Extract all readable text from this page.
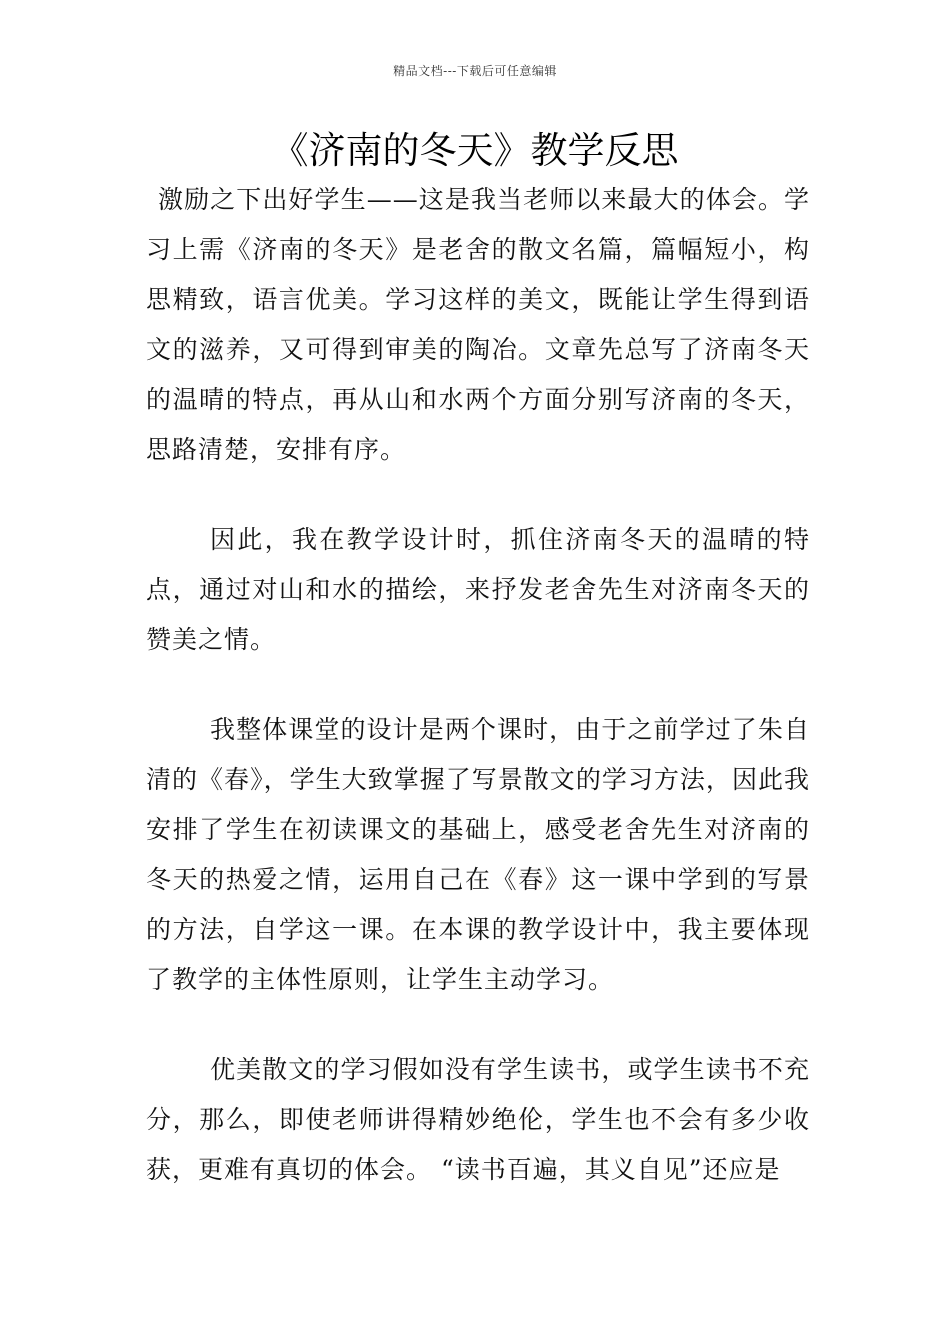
精品文档---下载后可任意编辑
《济南的冬天》教学反思

激励之下出好学生——这是我当老师以来最大的体会。学习上需《济南的冬天》是老舍的散文名篇，篇幅短小，构思精致，语言优美。学习这样的美文，既能让学生得到语文的滋养，又可得到审美的陶冶。文章先总写了济南冬天的温晴的特点，再从山和水两个方面分别写济南的冬天，思路清楚，安排有序。

因此，我在教学设计时，抓住济南冬天的温晴的特点，通过对山和水的描绘，来抒发老舍先生对济南冬天的赞美之情。

我整体课堂的设计是两个课时，由于之前学过了朱自清的《春》，学生大致掌握了写景散文的学习方法，因此我安排了学生在初读课文的基础上，感受老舍先生对济南的冬天的热爱之情，运用自己在《春》这一课中学到的写景的方法，自学这一课。在本课的教学设计中，我主要体现了教学的主体性原则，让学生主动学习。

优美散文的学习假如没有学生读书，或学生读书不充分，那么，即使老师讲得精妙绝伦，学生也不会有多少收获，更难有真切的体会。 “读书百遍，其义自见”还应是
